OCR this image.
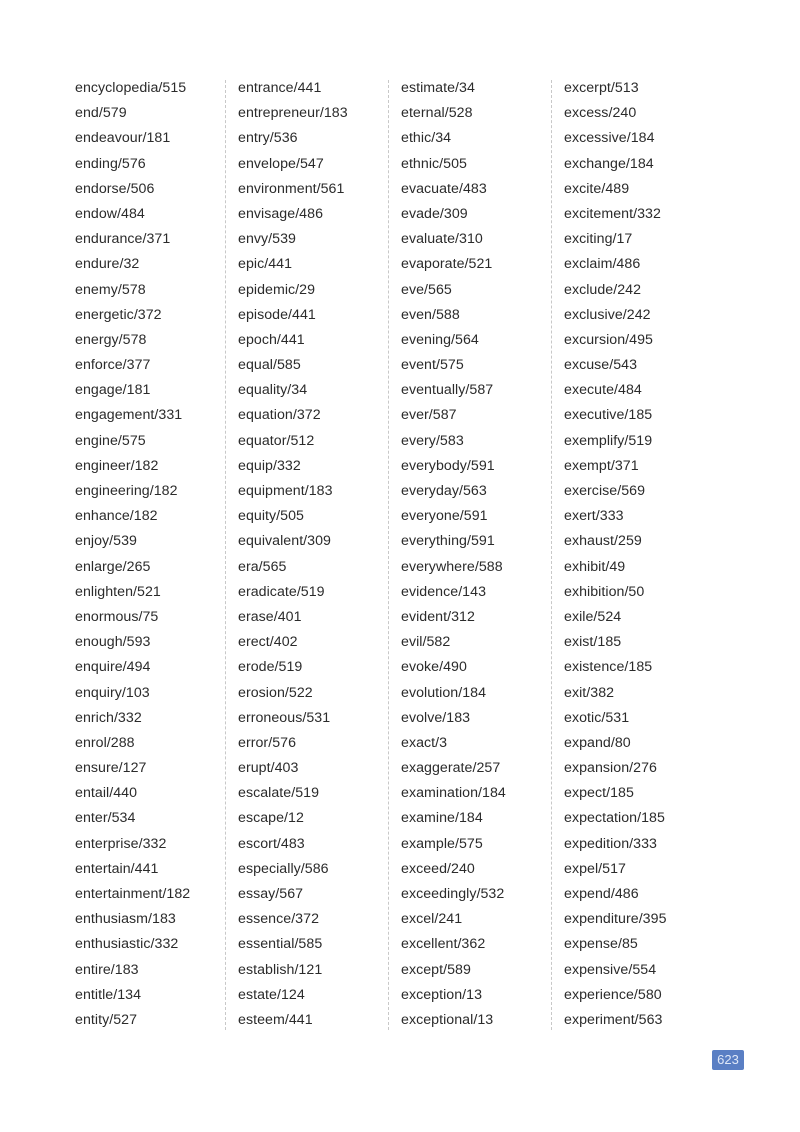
encyclopedia/515
end/579
endeavour/181
ending/576
endorse/506
endow/484
endurance/371
endure/32
enemy/578
energetic/372
energy/578
enforce/377
engage/181
engagement/331
engine/575
engineer/182
engineering/182
enhance/182
enjoy/539
enlarge/265
enlighten/521
enormous/75
enough/593
enquire/494
enquiry/103
enrich/332
enrol/288
ensure/127
entail/440
enter/534
enterprise/332
entertain/441
entertainment/182
enthusiasm/183
enthusiastic/332
entire/183
entitle/134
entity/527
entrance/441
entrepreneur/183
entry/536
envelope/547
environment/561
envisage/486
envy/539
epic/441
epidemic/29
episode/441
epoch/441
equal/585
equality/34
equation/372
equator/512
equip/332
equipment/183
equity/505
equivalent/309
era/565
eradicate/519
erase/401
erect/402
erode/519
erosion/522
erroneous/531
error/576
erupt/403
escalate/519
escape/12
escort/483
especially/586
essay/567
essence/372
essential/585
establish/121
estate/124
esteem/441
estimate/34
eternal/528
ethic/34
ethnic/505
evacuate/483
evade/309
evaluate/310
evaporate/521
eve/565
even/588
evening/564
event/575
eventually/587
ever/587
every/583
everybody/591
everyday/563
everyone/591
everything/591
everywhere/588
evidence/143
evident/312
evil/582
evoke/490
evolution/184
evolve/183
exact/3
exaggerate/257
examination/184
examine/184
example/575
exceed/240
exceedingly/532
excel/241
excellent/362
except/589
exception/13
exceptional/13
excerpt/513
excess/240
excessive/184
exchange/184
excite/489
excitement/332
exciting/17
exclaim/486
exclude/242
exclusive/242
excursion/495
excuse/543
execute/484
executive/185
exemplify/519
exempt/371
exercise/569
exert/333
exhaust/259
exhibit/49
exhibition/50
exile/524
exist/185
existence/185
exit/382
exotic/531
expand/80
expansion/276
expect/185
expectation/185
expedition/333
expel/517
expend/486
expenditure/395
expense/85
expensive/554
experience/580
experiment/563
623
